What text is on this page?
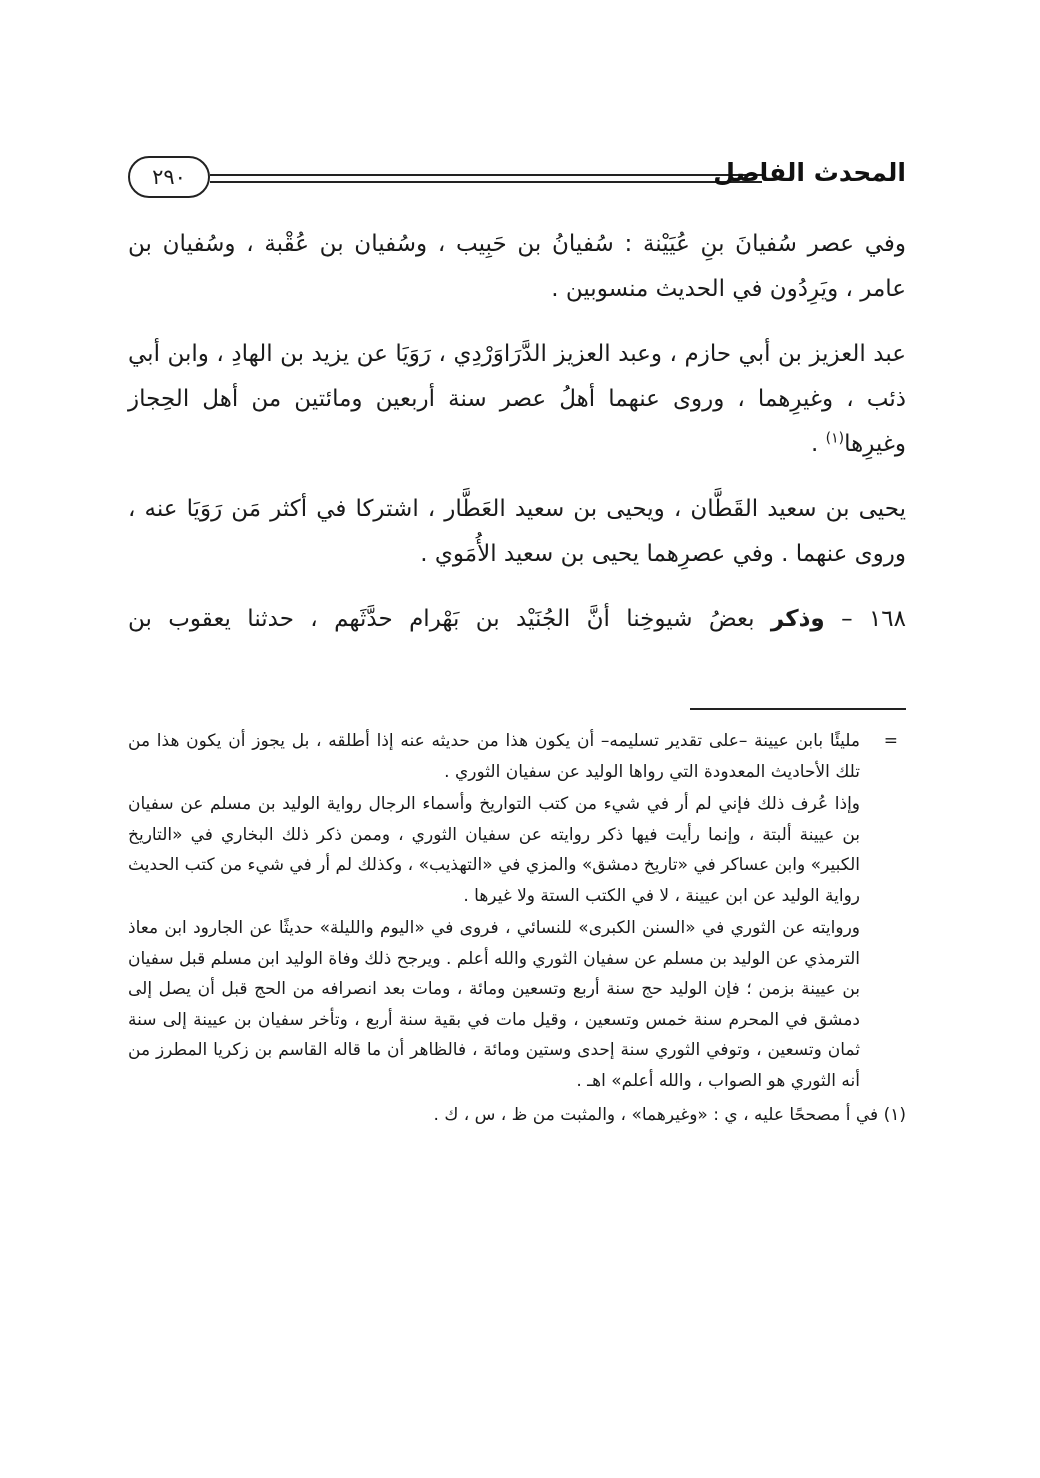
٢٩٠	المحدث الفاصل

وفي عصر سُفيانَ بنِ عُيَيْنة : سُفيانُ بن حَبِيب ، وسُفيان بن عُقْبة ، وسُفيان بن عامر ، ويَرِدُون في الحديث منسوبين .

عبد العزيز بن أبي حازم ، وعبد العزيز الدَّرَاوَرْدِي ، رَوَيَا عن يزيد بن الهادِ ، وابن أبي ذئب ، وغيرِهما ، وروى عنهما أهلُ عصر سنة أربعين ومائتين من أهل الحِجاز وغيرِها$^{(١)}$ .

يحيى بن سعيد القَطَّان ، ويحيى بن سعيد العَطَّار ، اشتركا في أكثر مَن رَوَيَا عنه ، وروى عنهما . وفي عصرِهما يحيى بن سعيد الأُمَوي .

١٦٨ – وذكر بعضُ شيوخِنا أنَّ الجُنَيْد بن بَهْرام حدَّثَهم ، حدثنا يعقوب بن

=
مليئًا بابن عيينة –على تقدير تسليمه– أن يكون هذا من حديثه عنه إذا أطلقه ، بل يجوز أن يكون هذا من تلك الأحاديث المعدودة التي رواها الوليد عن سفيان الثوري .
وإذا عُرف ذلك فإني لم أر في شيء من كتب التواريخ وأسماء الرجال رواية الوليد بن مسلم عن سفيان بن عيينة ألبتة ، وإنما رأيت فيها ذكر روايته عن سفيان الثوري ، وممن ذكر ذلك البخاري في «التاريخ الكبير» وابن عساكر في «تاريخ دمشق» والمزي في «التهذيب» ، وكذلك لم أر في شيء من كتب الحديث رواية الوليد عن ابن عيينة ، لا في الكتب الستة ولا غيرها .
وروايته عن الثوري في «السنن الكبرى» للنسائي ، فروى في «اليوم والليلة» حديثًا عن الجارود ابن معاذ الترمذي عن الوليد بن مسلم عن سفيان الثوري والله أعلم . ويرجح ذلك وفاة الوليد ابن مسلم قبل سفيان بن عيينة بزمن ؛ فإن الوليد حج سنة أربع وتسعين ومائة ، ومات بعد انصرافه من الحج قبل أن يصل إلى دمشق في المحرم سنة خمس وتسعين ، وقيل مات في بقية سنة أربع ، وتأخر سفيان بن عيينة إلى سنة ثمان وتسعين ، وتوفي الثوري سنة إحدى وستين ومائة ، فالظاهر أن ما قاله القاسم بن زكريا المطرز من أنه الثوري هو الصواب ، والله أعلم» اهـ .
(١) في أ مصححًا عليه ، ي : «وغيرهما» ، والمثبت من ظ ، س ، ك .
